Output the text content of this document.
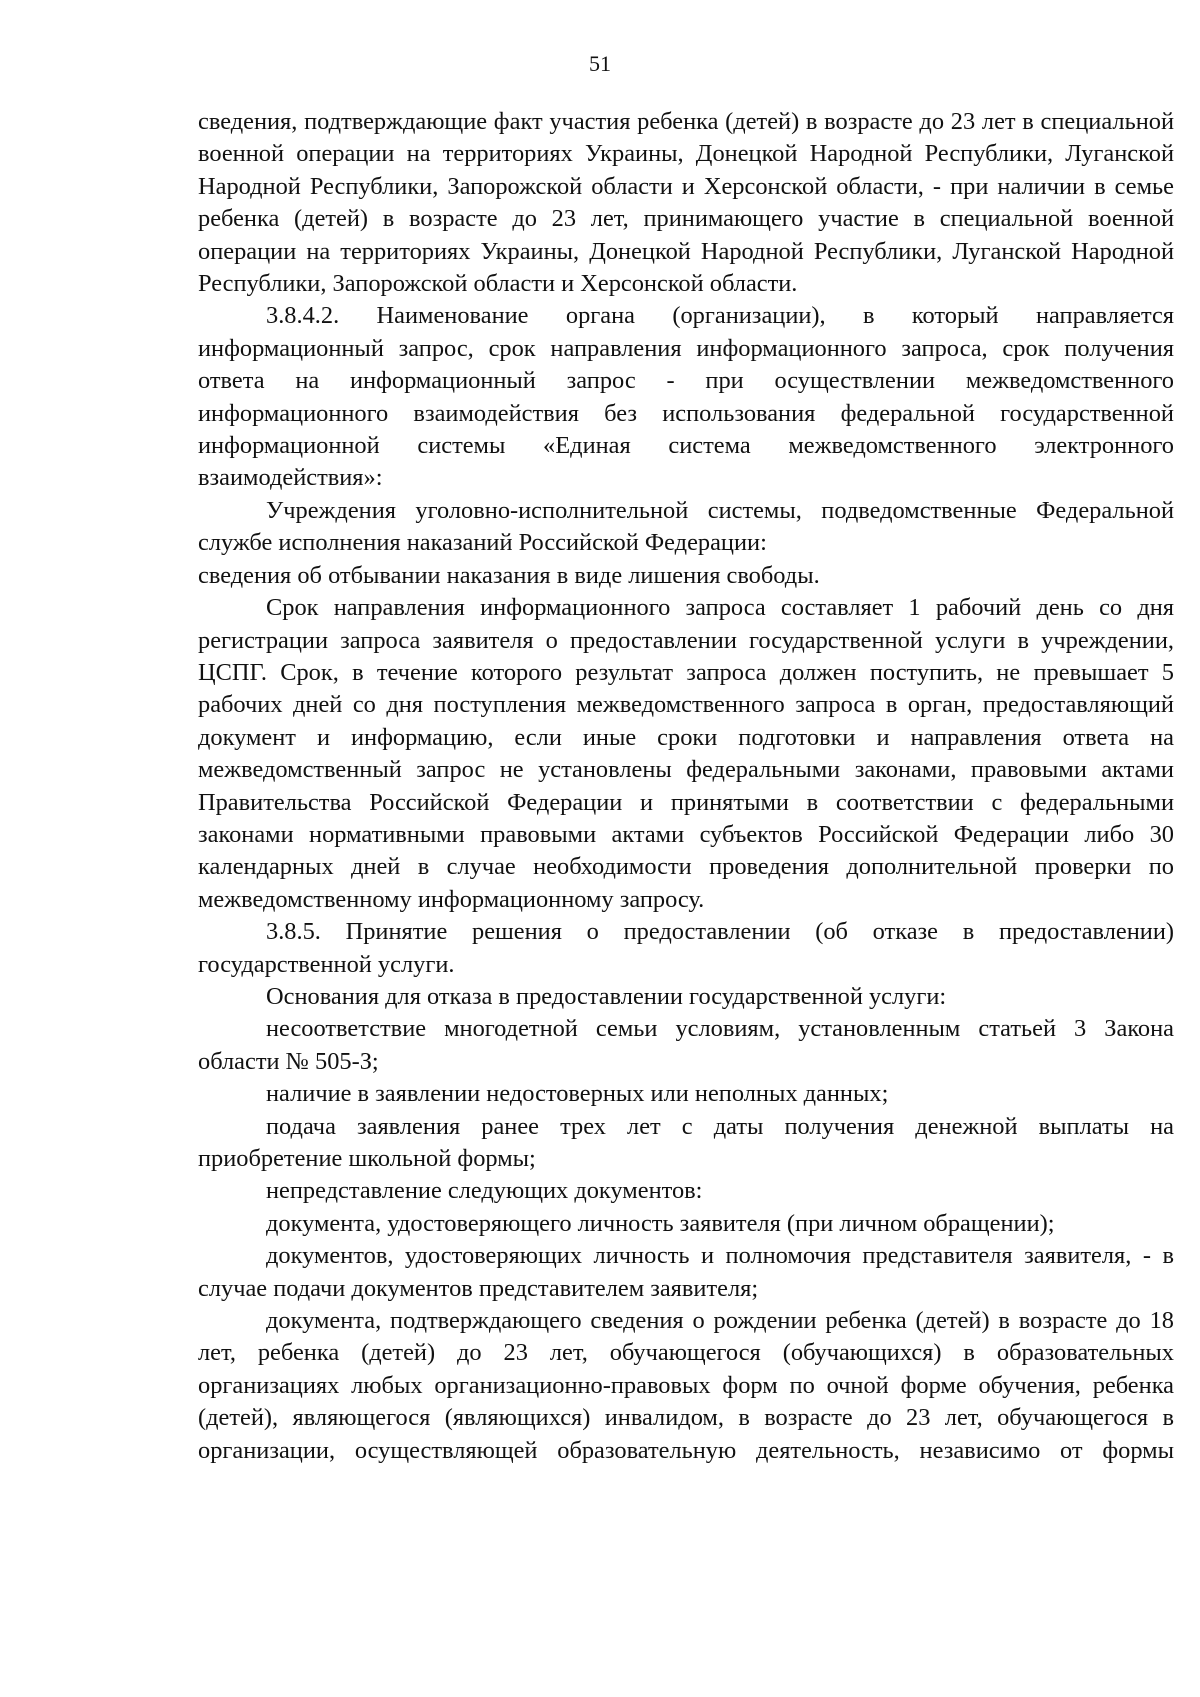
51

сведения, подтверждающие факт участия ребенка (детей) в возрасте до 23 лет в специальной военной операции на территориях Украины, Донецкой Народной Республики, Луганской Народной Республики, Запорожской области и Херсонской области, - при наличии в семье ребенка (детей) в возрасте до 23 лет, принимающего участие в специальной военной операции на территориях Украины, Донецкой Народной Республики, Луганской Народной Республики, Запорожской области и Херсонской области.

3.8.4.2. Наименование органа (организации), в который направляется информационный запрос, срок направления информационного запроса, срок получения ответа на информационный запрос - при осуществлении межведомственного информационного взаимодействия без использования федеральной государственной информационной системы «Единая система межведомственного электронного взаимодействия»:

Учреждения уголовно-исполнительной системы, подведомственные Федеральной службе исполнения наказаний Российской Федерации:

сведения об отбывании наказания в виде лишения свободы.

Срок направления информационного запроса составляет 1 рабочий день со дня регистрации запроса заявителя о предоставлении государственной услуги в учреждении, ЦСПГ. Срок, в течение которого результат запроса должен поступить, не превышает 5 рабочих дней со дня поступления межведомственного запроса в орган, предоставляющий документ и информацию, если иные сроки подготовки и направления ответа на межведомственный запрос не установлены федеральными законами, правовыми актами Правительства Российской Федерации и принятыми в соответствии с федеральными законами нормативными правовыми актами субъектов Российской Федерации либо 30 календарных дней в случае необходимости проведения дополнительной проверки по межведомственному информационному запросу.

3.8.5. Принятие решения о предоставлении (об отказе в предоставлении) государственной услуги.

Основания для отказа в предоставлении государственной услуги:

несоответствие многодетной семьи условиям, установленным статьей 3 Закона области № 505-З;

наличие в заявлении недостоверных или неполных данных;

подача заявления ранее трех лет с даты получения денежной выплаты на приобретение школьной формы;

непредставление следующих документов:

документа, удостоверяющего личность заявителя (при личном обращении);

документов, удостоверяющих личность и полномочия представителя заявителя, - в случае подачи документов представителем заявителя;

документа, подтверждающего сведения о рождении ребенка (детей) в возрасте до 18 лет, ребенка (детей) до 23 лет, обучающегося (обучающихся) в образовательных организациях любых организационно-правовых форм по очной форме обучения, ребенка (детей), являющегося (являющихся) инвалидом, в возрасте до 23 лет, обучающегося в организации, осуществляющей образовательную деятельность, независимо от формы
